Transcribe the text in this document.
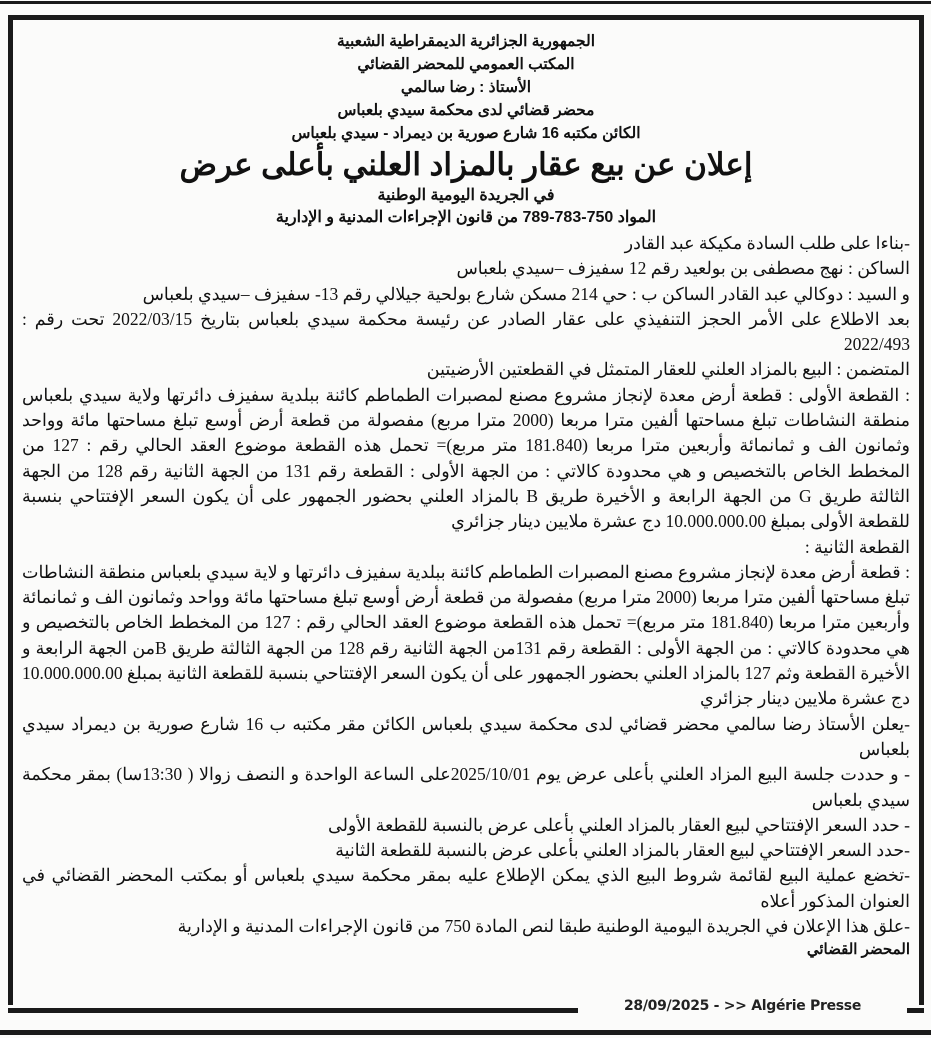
28/09/2025 - >> Algérie Presse

الجمهورية الجزائرية الديمقراطية الشعبية

المكتب العمومي للمحضر القضائي

الأستاذ : رضا سالمي

محضر قضائي لدى محكمة سيدي بلعباس

الكائن مكتبه 16 شارع صورية بن ديمراد - سيدي بلعباس

إعلان عن بيع عقار بالمزاد العلني بأعلى عرض

في الجريدة اليومية الوطنية

المواد 750-783-789 من قانون الإجراءات المدنية و الإدارية

-بناءا على طلب السادة مكيكة عبد القادر

الساكن : نهج مصطفى بن بولعيد رقم 12 سفيزف –سيدي بلعباس

و السيد : دوكالي عبد القادر الساكن ب : حي 214 مسكن شارع بولحية جيلالي رقم 13- سفيزف –سيدي بلعباس

بعد الاطلاع على الأمر الحجز التنفيذي على عقار الصادر عن رئيسة محكمة سيدي بلعباس بتاريخ 2022/03/15 تحت رقم : 2022/493

المتضمن : البيع بالمزاد العلني للعقار المتمثل في القطعتين الأرضيتين

: القطعة الأولى : قطعة أرض معدة لإنجاز مشروع مصنع لمصبرات الطماطم كائنة ببلدية سفيزف دائرتها ولاية سيدي بلعباس منطقة النشاطات تبلغ مساحتها ألفين مترا مربعا (2000 مترا مربع) مفصولة من قطعة أرض أوسع تبلغ مساحتها مائة وواحد وثمانون الف و ثمانمائة وأربعين مترا مربعا (181.840 متر مربع)= تحمل هذه القطعة موضوع العقد الحالي رقم : 127 من المخطط الخاص بالتخصيص و هي محدودة كالاتي : من الجهة الأولى : القطعة رقم 131 من الجهة الثانية رقم 128 من الجهة الثالثة طريق G من الجهة الرابعة و الأخيرة طريق B بالمزاد العلني بحضور الجمهور على أن يكون السعر الإفتتاحي بنسبة للقطعة الأولى بمبلغ 10.000.000.00 دج عشرة ملايين دينار جزائري

القطعة الثانية :

: قطعة أرض معدة لإنجاز مشروع مصنع المصبرات الطماطم كائنة ببلدية سفيزف دائرتها و لاية سيدي بلعباس منطقة النشاطات تبلغ مساحتها ألفين مترا مربعا (2000 مترا مربع) مفصولة من قطعة أرض أوسع تبلغ مساحتها مائة وواحد وثمانون الف و ثمانمائة وأربعين مترا مربعا (181.840 متر مربع)= تحمل هذه القطعة موضوع العقد الحالي رقم : 127 من المخطط الخاص بالتخصيص و هي محدودة كالاتي : من الجهة الأولى : القطعة رقم 131من الجهة الثانية رقم 128 من الجهة الثالثة طريق Bمن الجهة الرابعة و الأخيرة القطعة وثم 127 بالمزاد العلني بحضور الجمهور على أن يكون السعر الإفتتاحي بنسبة للقطعة الثانية بمبلغ 10.000.000.00 دج عشرة ملايين دينار جزائري

-يعلن الأستاذ رضا سالمي محضر قضائي لدى محكمة سيدي بلعباس الكائن مقر مكتبه ب 16 شارع صورية بن ديمراد سيدي بلعباس

- و حددت جلسة البيع المزاد العلني بأعلى عرض يوم 2025/10/01على الساعة الواحدة و النصف زوالا ( 13:30سا) بمقر محكمة سيدي بلعباس

- حدد السعر الإفتتاحي لبيع العقار بالمزاد العلني بأعلى عرض بالنسبة للقطعة الأولى

-حدد السعر الإفتتاحي لبيع العقار بالمزاد العلني بأعلى عرض بالنسبة للقطعة الثانية

-تخضع عملية البيع لقائمة شروط البيع الذي يمكن الإطلاع عليه بمقر محكمة سيدي بلعباس أو بمكتب المحضر القضائي في العنوان المذكور أعلاه

-علق هذا الإعلان في الجريدة اليومية الوطنية طبقا لنص المادة 750 من قانون الإجراءات المدنية و الإدارية

المحضر القضائي
